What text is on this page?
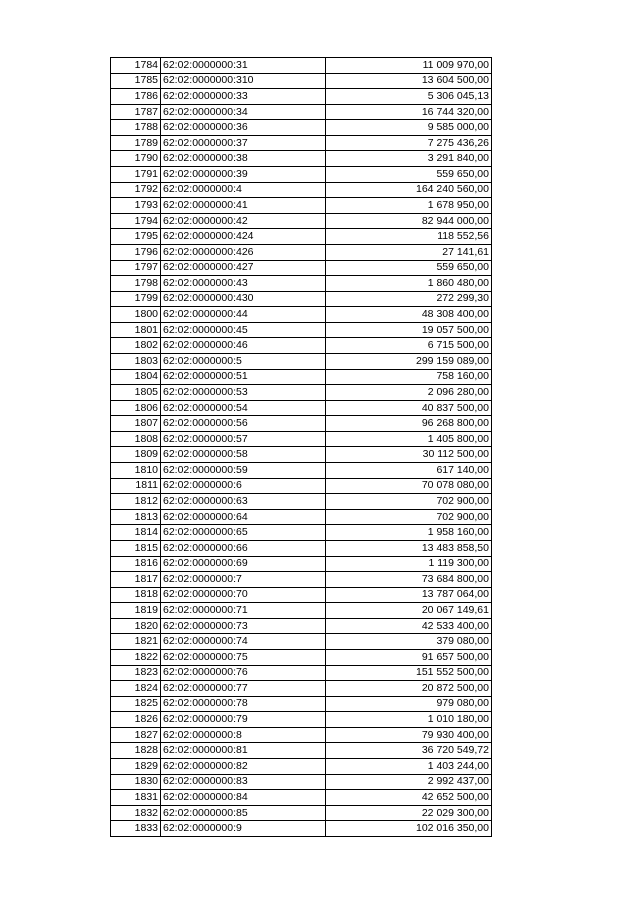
1784	62:02:0000000:31	11 009 970,00
1785	62:02:0000000:310	13 604 500,00
1786	62:02:0000000:33	5 306 045,13
1787	62:02:0000000:34	16 744 320,00
1788	62:02:0000000:36	9 585 000,00
1789	62:02:0000000:37	7 275 436,26
1790	62:02:0000000:38	3 291 840,00
1791	62:02:0000000:39	559 650,00
1792	62:02:0000000:4	164 240 560,00
1793	62:02:0000000:41	1 678 950,00
1794	62:02:0000000:42	82 944 000,00
1795	62:02:0000000:424	118 552,56
1796	62:02:0000000:426	27 141,61
1797	62:02:0000000:427	559 650,00
1798	62:02:0000000:43	1 860 480,00
1799	62:02:0000000:430	272 299,30
1800	62:02:0000000:44	48 308 400,00
1801	62:02:0000000:45	19 057 500,00
1802	62:02:0000000:46	6 715 500,00
1803	62:02:0000000:5	299 159 089,00
1804	62:02:0000000:51	758 160,00
1805	62:02:0000000:53	2 096 280,00
1806	62:02:0000000:54	40 837 500,00
1807	62:02:0000000:56	96 268 800,00
1808	62:02:0000000:57	1 405 800,00
1809	62:02:0000000:58	30 112 500,00
1810	62:02:0000000:59	617 140,00
1811	62:02:0000000:6	70 078 080,00
1812	62:02:0000000:63	702 900,00
1813	62:02:0000000:64	702 900,00
1814	62:02:0000000:65	1 958 160,00
1815	62:02:0000000:66	13 483 858,50
1816	62:02:0000000:69	1 119 300,00
1817	62:02:0000000:7	73 684 800,00
1818	62:02:0000000:70	13 787 064,00
1819	62:02:0000000:71	20 067 149,61
1820	62:02:0000000:73	42 533 400,00
1821	62:02:0000000:74	379 080,00
1822	62:02:0000000:75	91 657 500,00
1823	62:02:0000000:76	151 552 500,00
1824	62:02:0000000:77	20 872 500,00
1825	62:02:0000000:78	979 080,00
1826	62:02:0000000:79	1 010 180,00
1827	62:02:0000000:8	79 930 400,00
1828	62:02:0000000:81	36 720 549,72
1829	62:02:0000000:82	1 403 244,00
1830	62:02:0000000:83	2 992 437,00
1831	62:02:0000000:84	42 652 500,00
1832	62:02:0000000:85	22 029 300,00
1833	62:02:0000000:9	102 016 350,00
